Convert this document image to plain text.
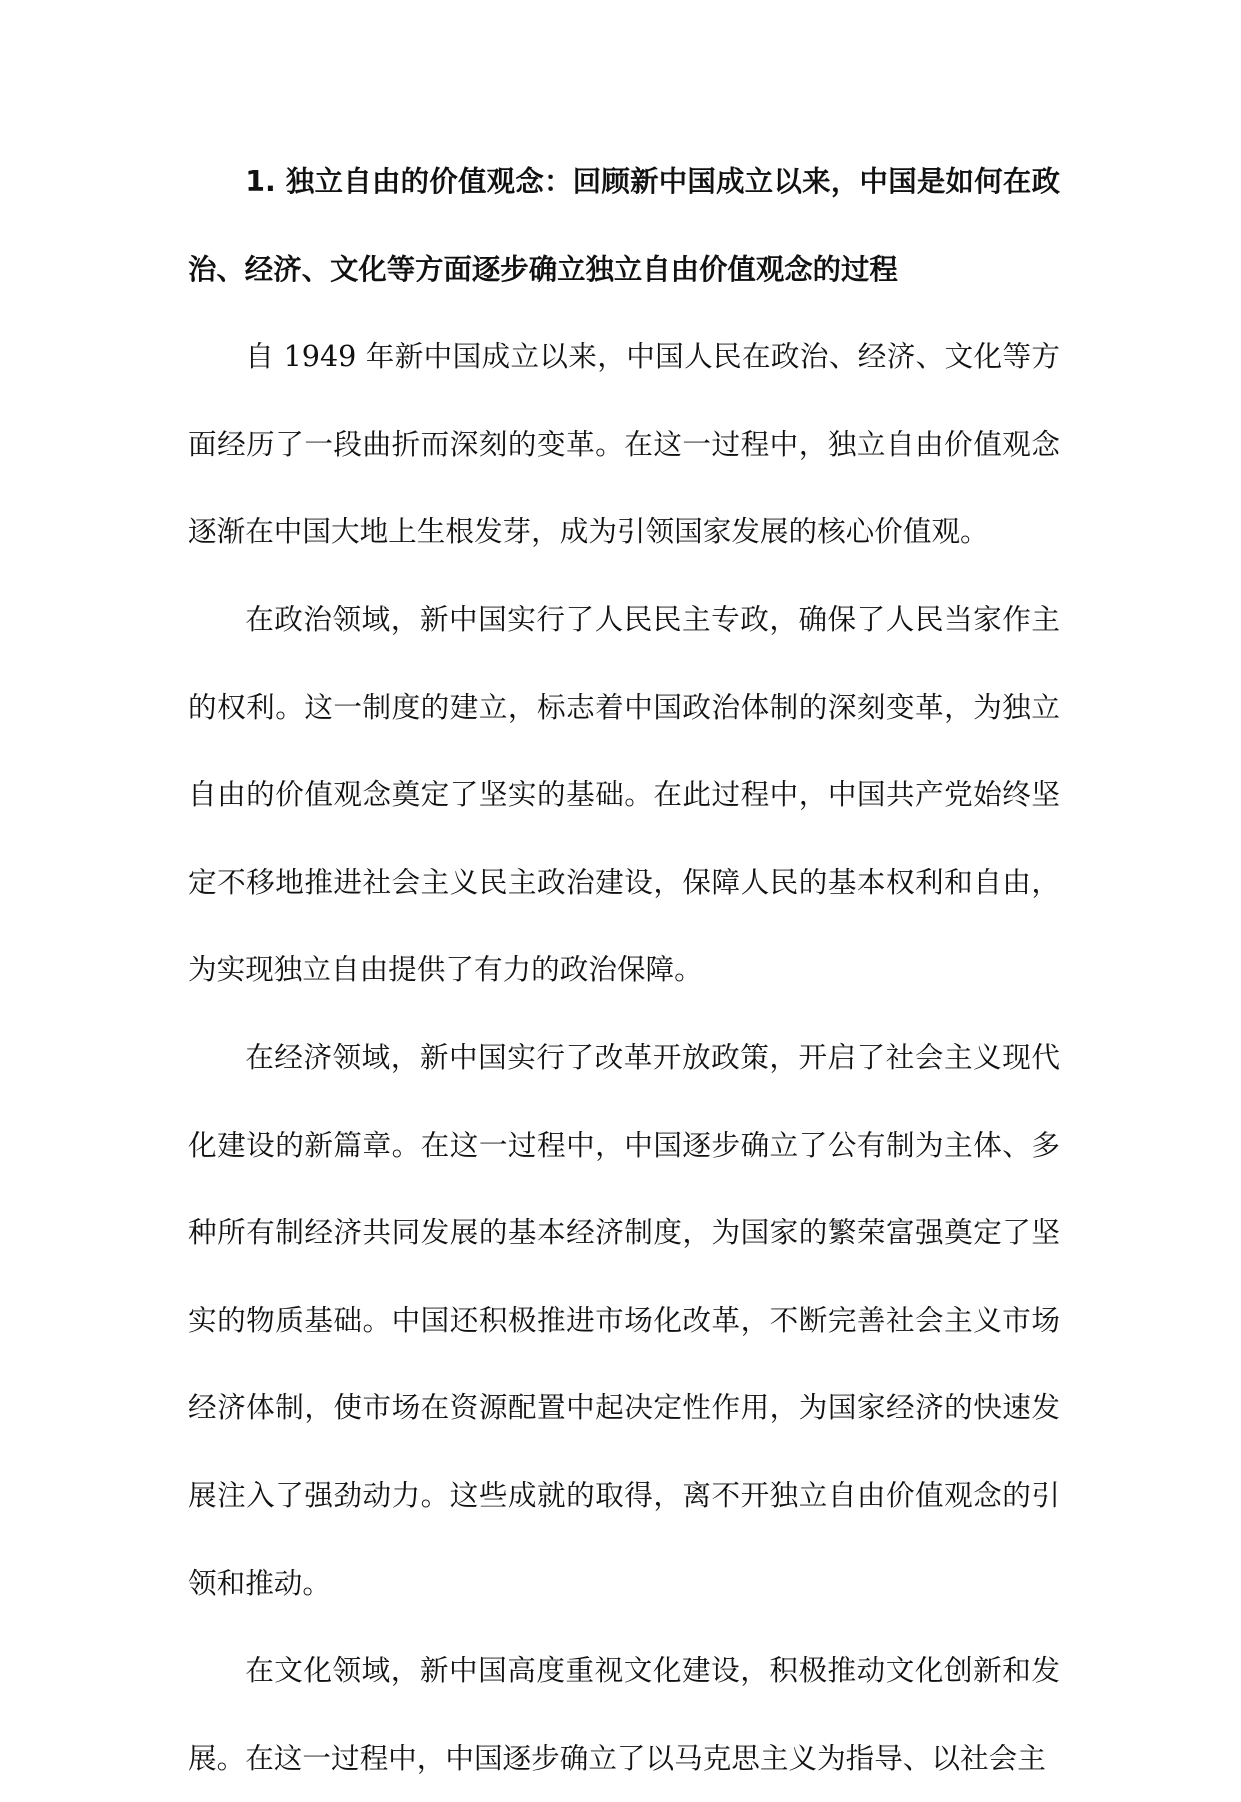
1. 独立自由的价值观念：回顾新中国成立以来，中国是如何在政治、经济、文化等方面逐步确立独立自由价值观念的过程

自 1949 年新中国成立以来，中国人民在政治、经济、文化等方面经历了一段曲折而深刻的变革。在这一过程中，独立自由价值观念逐渐在中国大地上生根发芽，成为引领国家发展的核心价值观。

在政治领域，新中国实行了人民民主专政，确保了人民当家作主的权利。这一制度的建立，标志着中国政治体制的深刻变革，为独立自由的价值观念奠定了坚实的基础。在此过程中，中国共产党始终坚定不移地推进社会主义民主政治建设，保障人民的基本权利和自由，为实现独立自由提供了有力的政治保障。

在经济领域，新中国实行了改革开放政策，开启了社会主义现代化建设的新篇章。在这一过程中，中国逐步确立了公有制为主体、多种所有制经济共同发展的基本经济制度，为国家的繁荣富强奠定了坚实的物质基础。中国还积极推进市场化改革，不断完善社会主义市场经济体制，使市场在资源配置中起决定性作用，为国家经济的快速发展注入了强劲动力。这些成就的取得，离不开独立自由价值观念的引领和推动。

在文化领域，新中国高度重视文化建设，积极推动文化创新和发展。在这一过程中，中国逐步确立了以马克思主义为指导、以社会主
